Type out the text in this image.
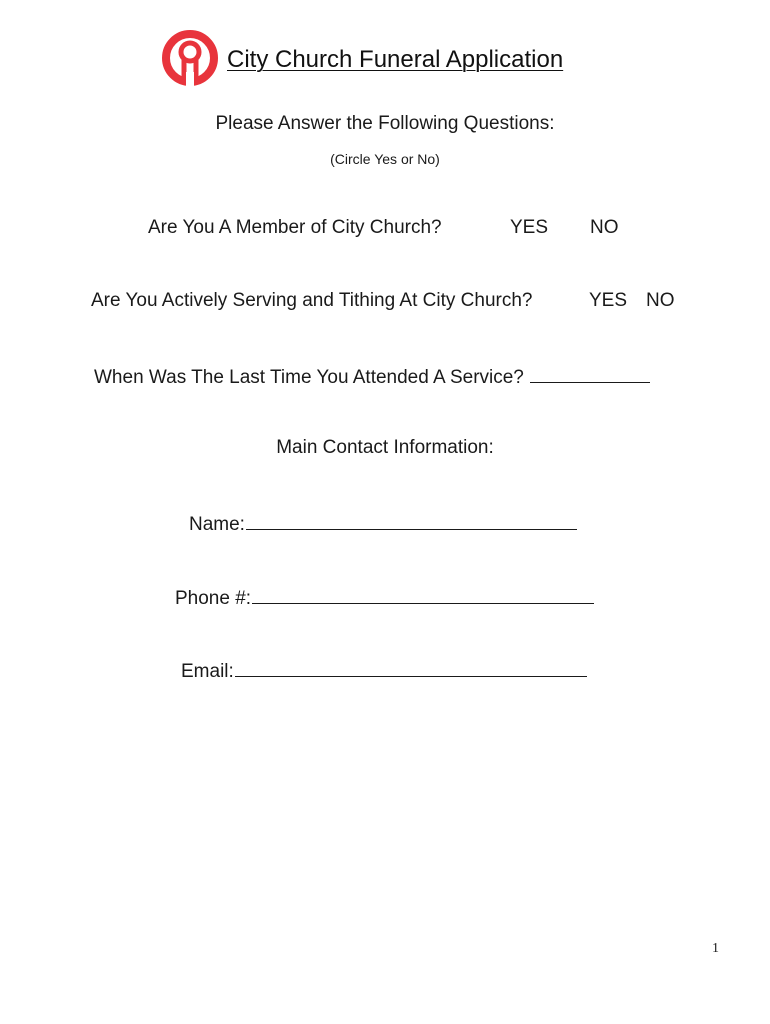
City Church Funeral Application
Please Answer the Following Questions:
(Circle Yes or No)
Are You A Member of City Church?	YES NO
Are You Actively Serving and Tithing At City Church?	YES NO
When Was The Last Time You Attended A Service?
Main Contact Information:
Name:
Phone #:
Email:
1
